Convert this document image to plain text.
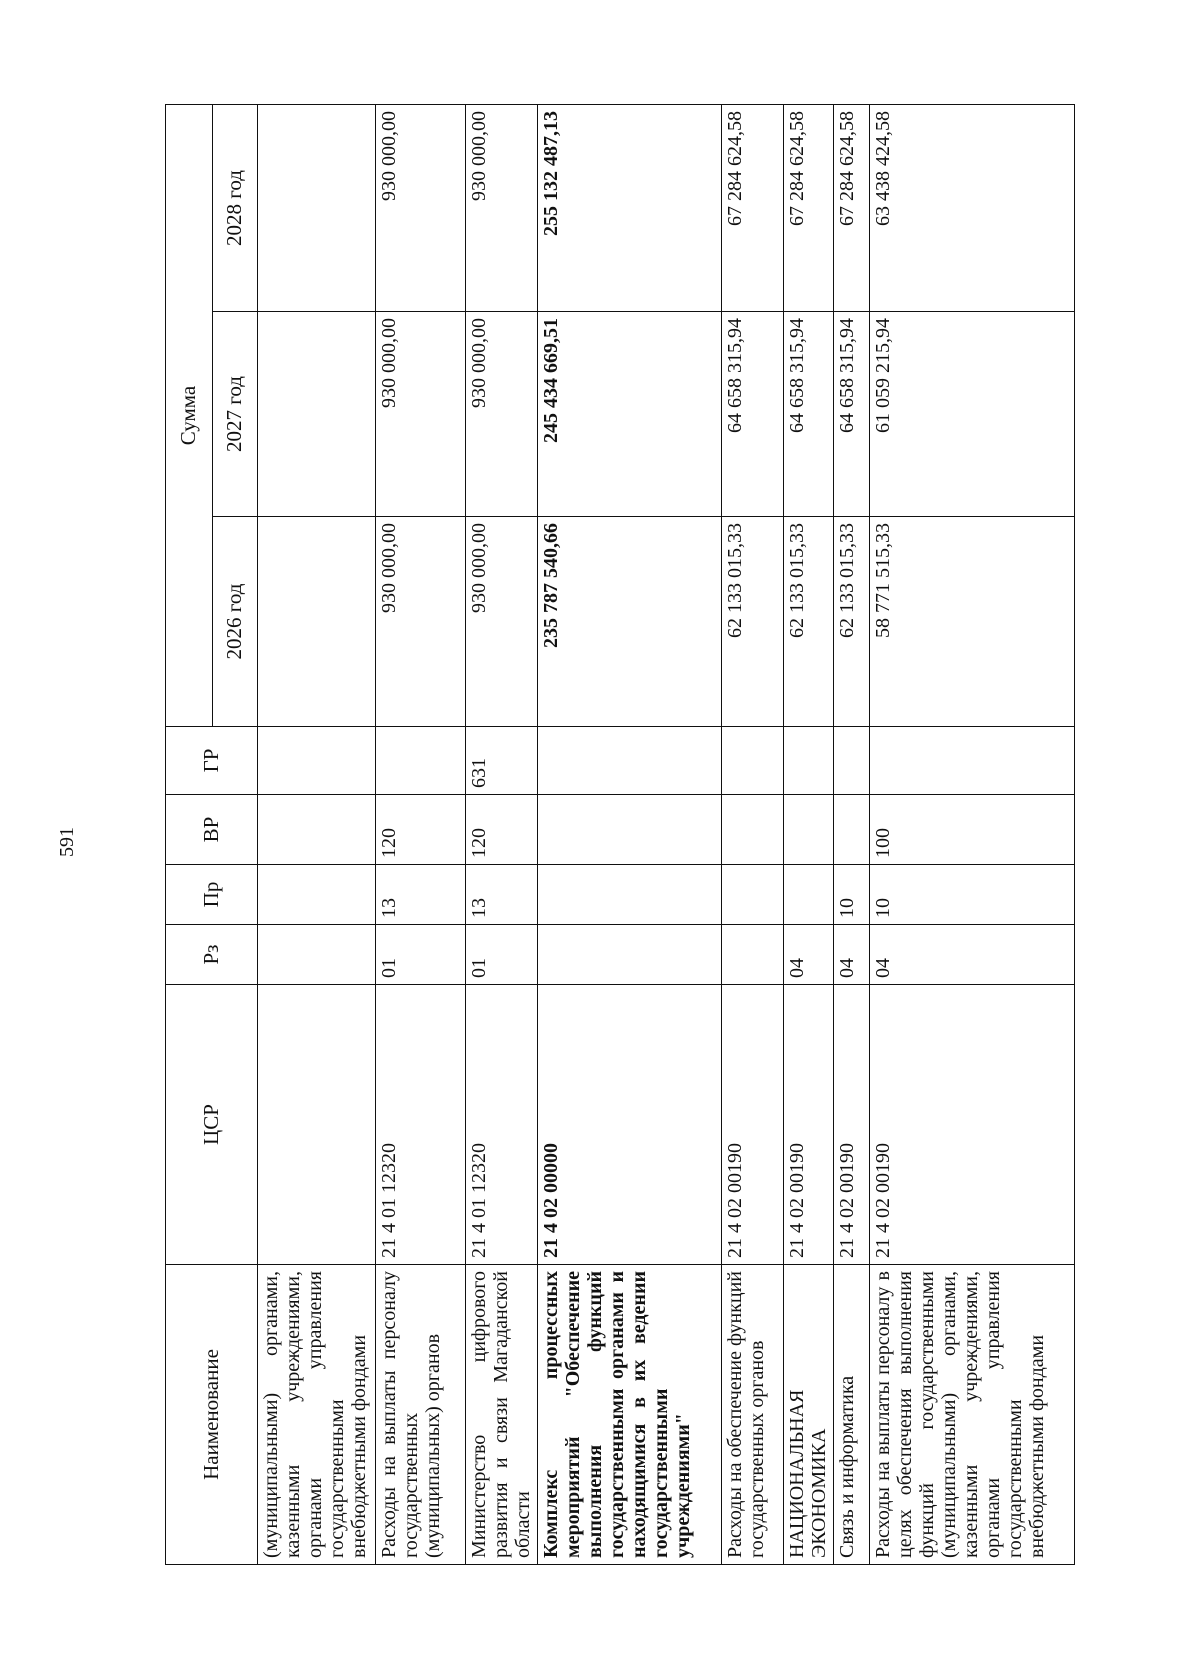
591
Наименование	ЦСР	Рз	Пр	ВР	ГР	Сумма		
						2026 год	2027 год	2028 год
(муниципальными) органами, казенными учреждениями, органами управления государственными внебюджетными фондами								
Расходы на выплаты персоналу государственных (муниципальных) органов	21 4 01 12320	01	13	120		930 000,00	930 000,00	930 000,00
Министерство цифрового развития и связи Магаданской области	21 4 01 12320	01	13	120	631	930 000,00	930 000,00	930 000,00
Комплекс процессных мероприятий "Обеспечение выполнения функций государственными органами и находящимися в их ведении государственными учреждениями"	21 4 02 00000					235 787 540,66	245 434 669,51	255 132 487,13
Расходы на обеспечение функций государственных органов	21 4 02 00190					62 133 015,33	64 658 315,94	67 284 624,58
НАЦИОНАЛЬНАЯ ЭКОНОМИКА	21 4 02 00190	04				62 133 015,33	64 658 315,94	67 284 624,58
Связь и информатика	21 4 02 00190	04	10			62 133 015,33	64 658 315,94	67 284 624,58
Расходы на выплаты персоналу в целях обеспечения выполнения функций государственными (муниципальными) органами, казенными учреждениями, органами управления государственными внебюджетными фондами	21 4 02 00190	04	10	100		58 771 515,33	61 059 215,94	63 438 424,58
